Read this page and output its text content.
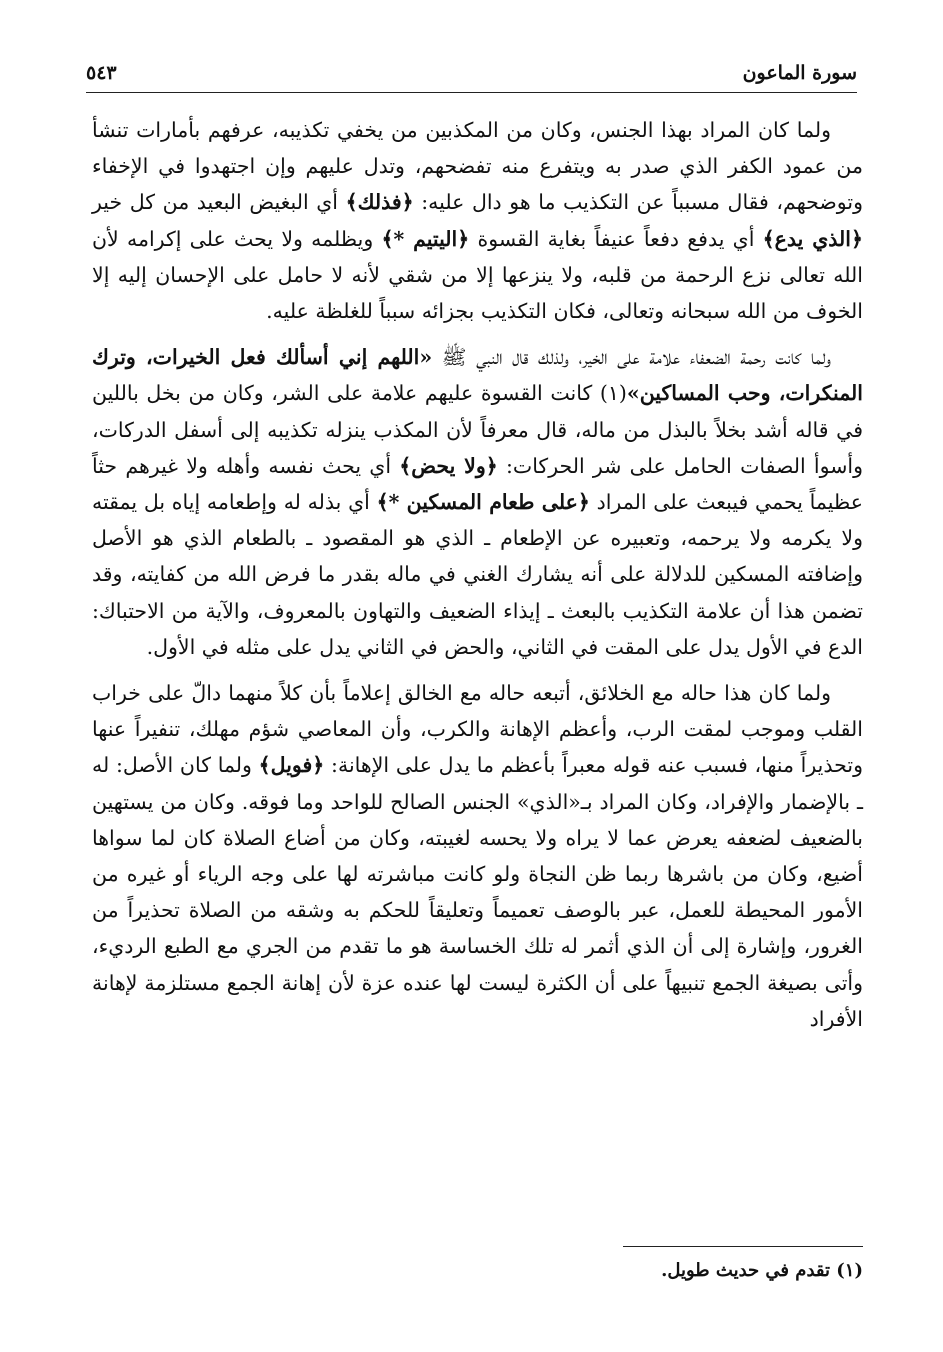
سورة الماعون
٥٤٣

ولما كان المراد بهذا الجنس، وكان من المكذبين من يخفي تكذيبه، عرفهم بأمارات تنشأ من عمود الكفر الذي صدر به ويتفرع منه تفضحهم، وتدل عليهم وإن اجتهدوا في الإخفاء وتوضحهم، فقال مسبباً عن التكذيب ما هو دال عليه: ﴿فذلك﴾ أي البغيض البعيد من كل خير ﴿الذي يدع﴾ أي يدفع دفعاً عنيفاً بغاية القسوة ﴿اليتيم *﴾ ويظلمه ولا يحث على إكرامه لأن الله تعالى نزع الرحمة من قلبه، ولا ينزعها إلا من شقي لأنه لا حامل على الإحسان إليه إلا الخوف من الله سبحانه وتعالى، فكان التكذيب بجزائه سبباً للغلظة عليه.

ولما كانت رحمة الضعفاء علامة على الخير، ولذلك قال النبي ﷺ «اللهم إني أسألك فعل الخيرات، وترك المنكرات، وحب المساكين»(١) كانت القسوة عليهم علامة على الشر، وكان من بخل باللين في قاله أشد بخلاً بالبذل من ماله، قال معرفاً لأن المكذب ينزله تكذيبه إلى أسفل الدركات، وأسوأ الصفات الحامل على شر الحركات: ﴿ولا يحض﴾ أي يحث نفسه وأهله ولا غيرهم حثاً عظيماً يحمي فيبعث على المراد ﴿على طعام المسكين *﴾ أي بذله له وإطعامه إياه بل يمقته ولا يكرمه ولا يرحمه، وتعبيره عن الإطعام ـ الذي هو المقصود ـ بالطعام الذي هو الأصل وإضافته المسكين للدلالة على أنه يشارك الغني في ماله بقدر ما فرض الله من كفايته، وقد تضمن هذا أن علامة التكذيب بالبعث ـ إيذاء الضعيف والتهاون بالمعروف، والآية من الاحتباك: الدع في الأول يدل على المقت في الثاني، والحض في الثاني يدل على مثله في الأول.

ولما كان هذا حاله مع الخلائق، أتبعه حاله مع الخالق إعلاماً بأن كلاً منهما دالّ على خراب القلب وموجب لمقت الرب، وأعظم الإهانة والكرب، وأن المعاصي شؤم مهلك، تنفيراً عنها وتحذيراً منها، فسبب عنه قوله معبراً بأعظم ما يدل على الإهانة: ﴿فويل﴾ ولما كان الأصل: له ـ بالإضمار والإفراد، وكان المراد بـ«الذي» الجنس الصالح للواحد وما فوقه. وكان من يستهين بالضعيف لضعفه يعرض عما لا يراه ولا يحسه لغيبته، وكان من أضاع الصلاة كان لما سواها أضيع، وكان من باشرها ربما ظن النجاة ولو كانت مباشرته لها على وجه الرياء أو غيره من الأمور المحيطة للعمل، عبر بالوصف تعميماً وتعليقاً للحكم به وشقه من الصلاة تحذيراً من الغرور، وإشارة إلى أن الذي أثمر له تلك الخساسة هو ما تقدم من الجري مع الطبع الرديء، وأتى بصيغة الجمع تنبيهاً على أن الكثرة ليست لها عنده عزة لأن إهانة الجمع مستلزمة لإهانة الأفراد

(١) تقدم في حديث طويل.
